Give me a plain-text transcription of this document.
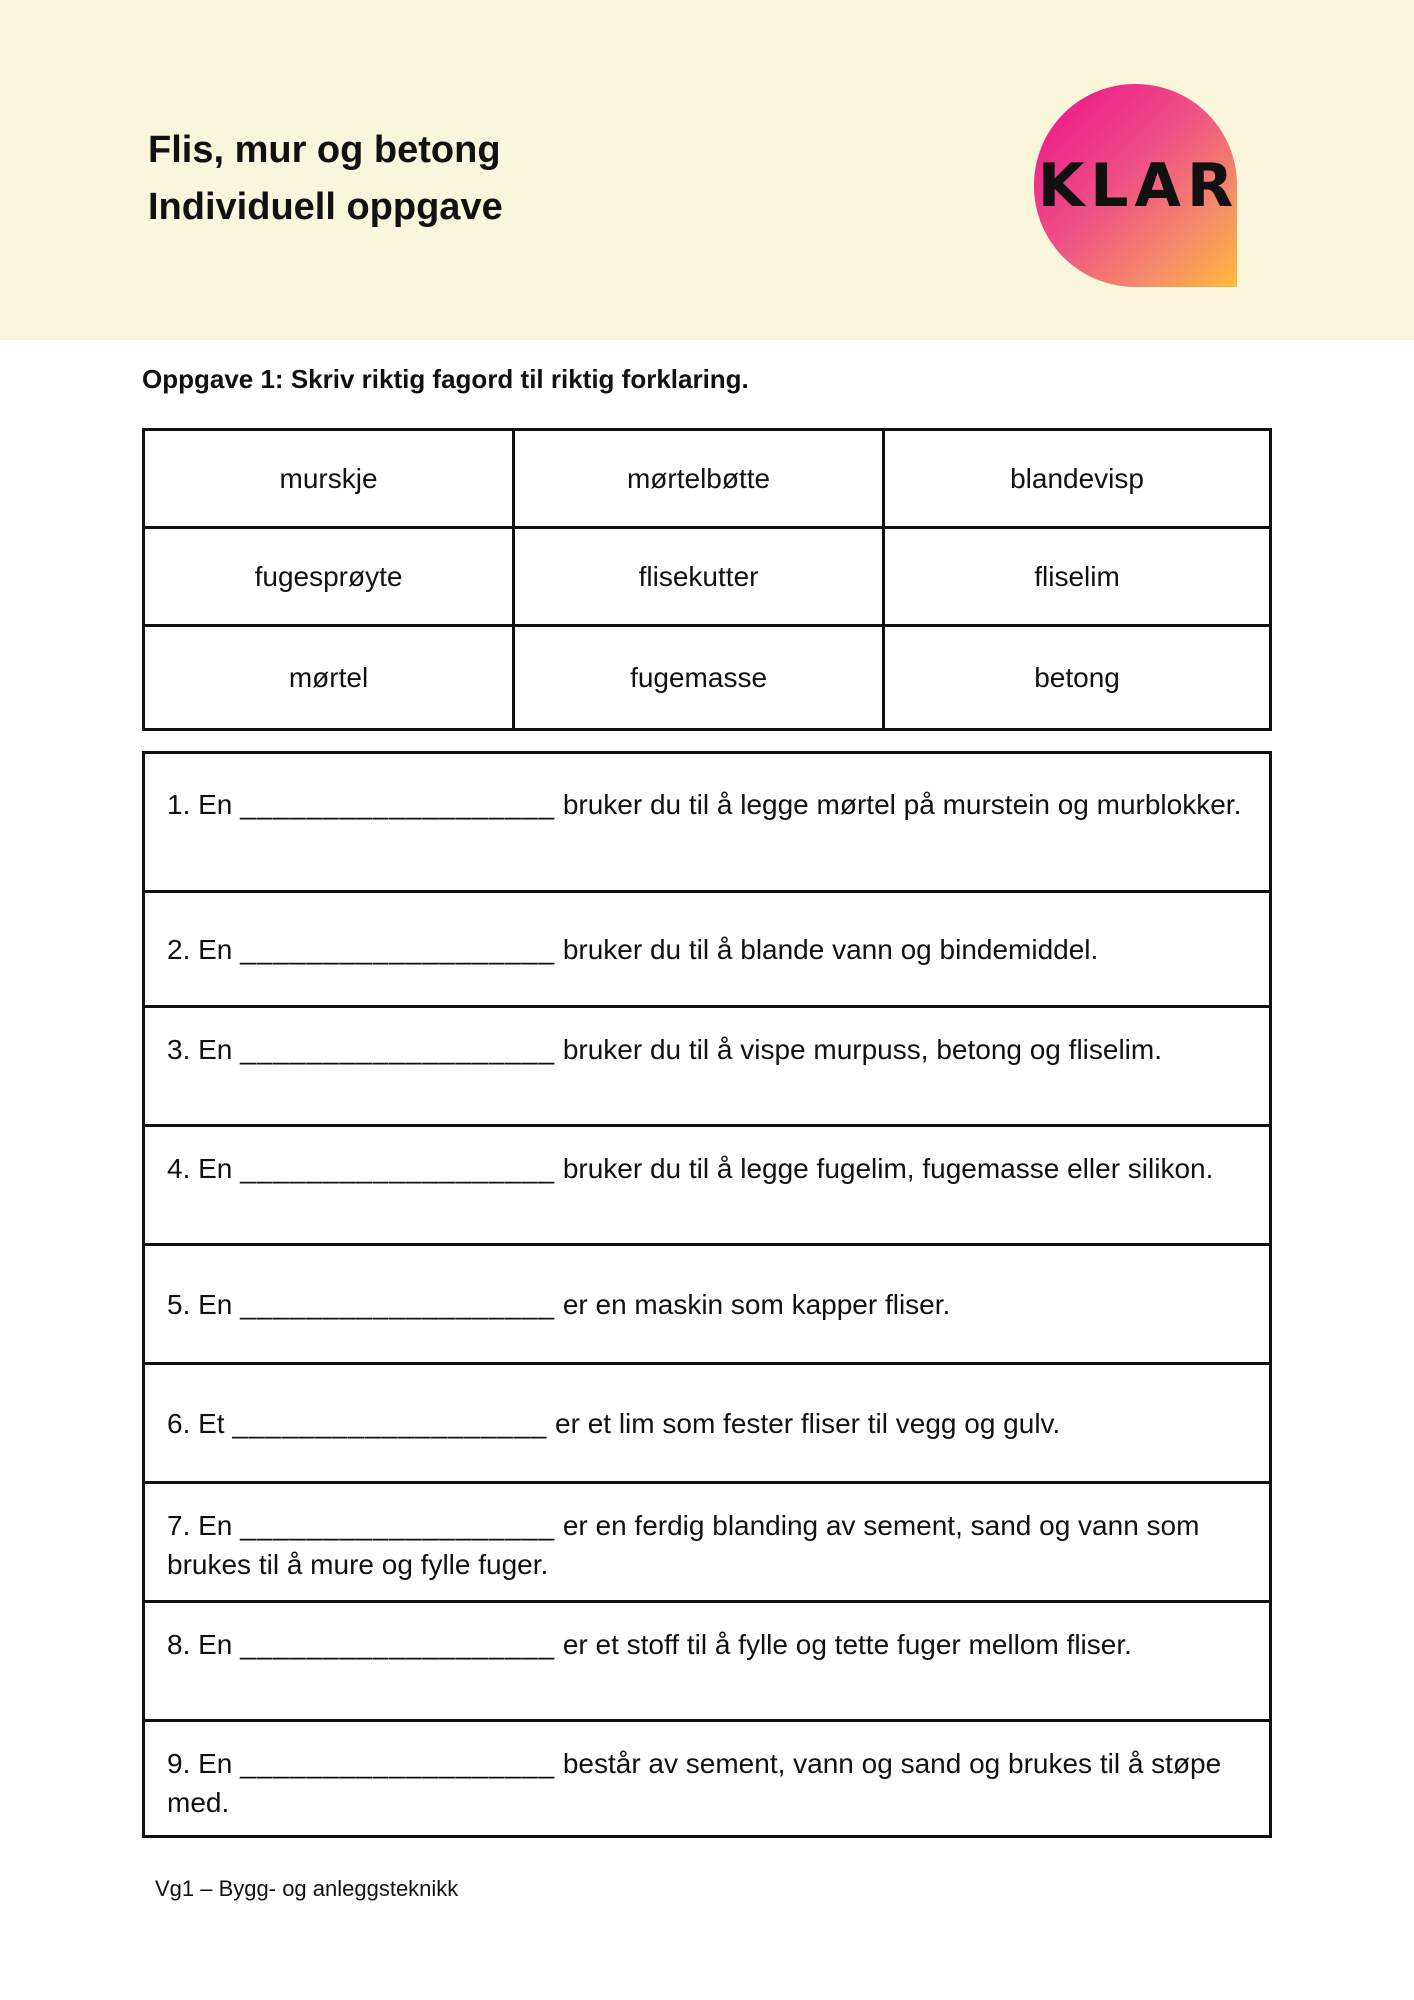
Flis, mur og betong
Individuell oppgave	KLAR
Oppgave 1: Skriv riktig fagord til riktig forklaring.
murskje	mørtelbøtte	blandevisp
fugesprøyte	flisekutter	fliselim
mørtel	fugemasse	betong
1. En ___________________ bruker du til å legge mørtel på murstein og murblokker.
2. En ___________________ bruker du til å blande vann og bindemiddel.
3. En ___________________ bruker du til å vispe murpuss, betong og fliselim.
4. En ___________________ bruker du til å legge fugelim, fugemasse eller silikon.
5. En ___________________ er en maskin som kapper fliser.
6. Et ___________________ er et lim som fester fliser til vegg og gulv.
7. En ___________________ er en ferdig blanding av sement, sand og vann som brukes til å mure og fylle fuger.
8. En ___________________ er et stoff til å fylle og tette fuger mellom fliser.
9. En ___________________ består av sement, vann og sand og brukes til å støpe med.
Vg1 – Bygg- og anleggsteknikk
